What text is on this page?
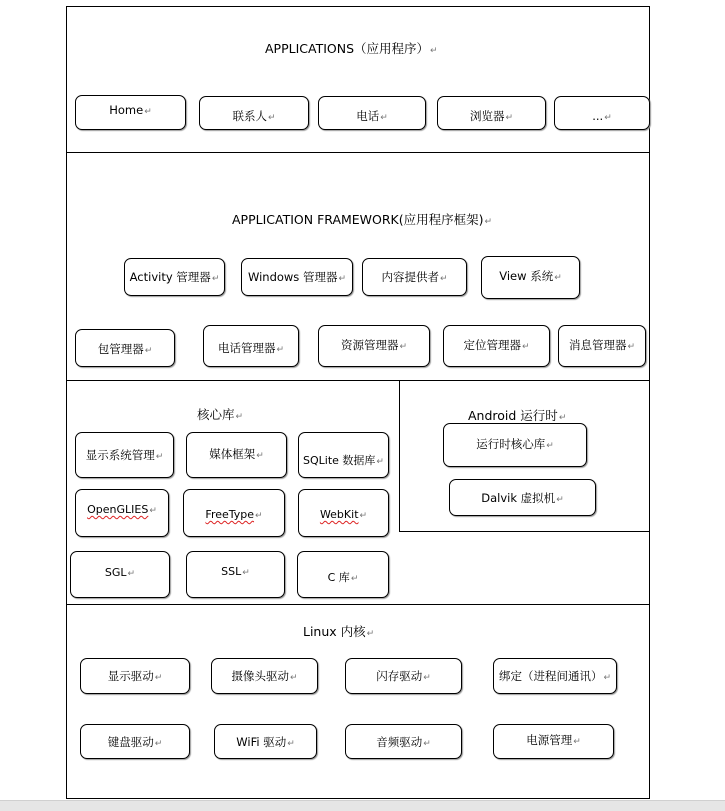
APPLICATIONS（应用程序）↵
Home↵	联系人↵	电话↵	浏览器↵	...↵
APPLICATION FRAMEWORK(应用程序框架)↵
Activity 管理器↵	Windows 管理器↵	内容提供者↵	View 系统↵
包管理器↵	电话管理器↵	资源管理器↵	定位管理器↵	消息管理器↵
核心库↵
显示系统管理↵	媒体框架↵	SQLite 数据库↵
OpenGLIES↵	FreeType↵	WebKit↵
SGL↵	SSL↵	C 库↵
Android 运行时↵
运行时核心库↵
Dalvik 虚拟机↵
Linux 内核↵
显示驱动↵	摄像头驱动↵	闪存驱动↵	绑定（进程间通讯）↵
键盘驱动↵	WiFi 驱动↵	音频驱动↵	电源管理↵
